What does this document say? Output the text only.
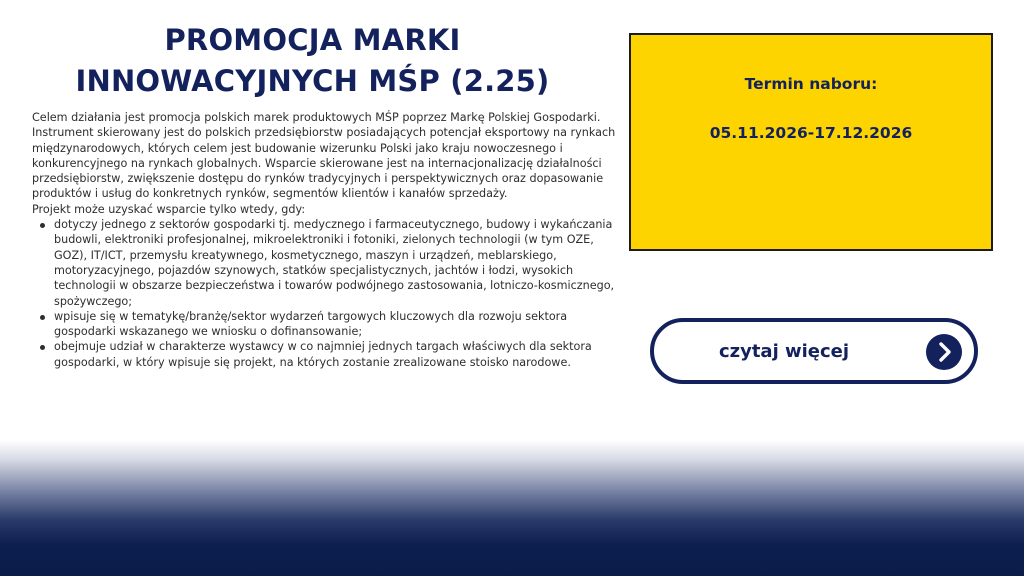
PROMOCJA MARKI
INNOWACYJNYCH MŚP (2.25)

Celem działania jest promocja polskich marek produktowych MŚP poprzez Markę Polskiej Gospodarki. Instrument skierowany jest do polskich przedsiębiorstw posiadających potencjał eksportowy na rynkach międzynarodowych, których celem jest budowanie wizerunku Polski jako kraju nowoczesnego i konkurencyjnego na rynkach globalnych. Wsparcie skierowane jest na internacjonalizację działalności przedsiębiorstw, zwiększenie dostępu do rynków tradycyjnych i perspektywicznych oraz dopasowanie produktów i usług do konkretnych rynków, segmentów klientów i kanałów sprzedaży.

Projekt może uzyskać wsparcie tylko wtedy, gdy:

dotyczy jednego z sektorów gospodarki tj. medycznego i farmaceutycznego, budowy i wykańczania budowli, elektroniki profesjonalnej, mikroelektroniki i fotoniki, zielonych technologii (w tym OZE, GOZ), IT/ICT, przemysłu kreatywnego, kosmetycznego, maszyn i urządzeń, meblarskiego, motoryzacyjnego, pojazdów szynowych, statków specjalistycznych, jachtów i łodzi, wysokich technologii w obszarze bezpieczeństwa i towarów podwójnego zastosowania, lotniczo-kosmicznego, spożywczego;
wpisuje się w tematykę/branżę/sektor wydarzeń targowych kluczowych dla rozwoju sektora gospodarki wskazanego we wniosku o dofinansowanie;
obejmuje udział w charakterze wystawcy w co najmniej jednych targach właściwych dla sektora gospodarki, w który wpisuje się projekt, na których zostanie zrealizowane stoisko narodowe.
Termin naboru:
05.11.2026-17.12.2026
czytaj więcej
